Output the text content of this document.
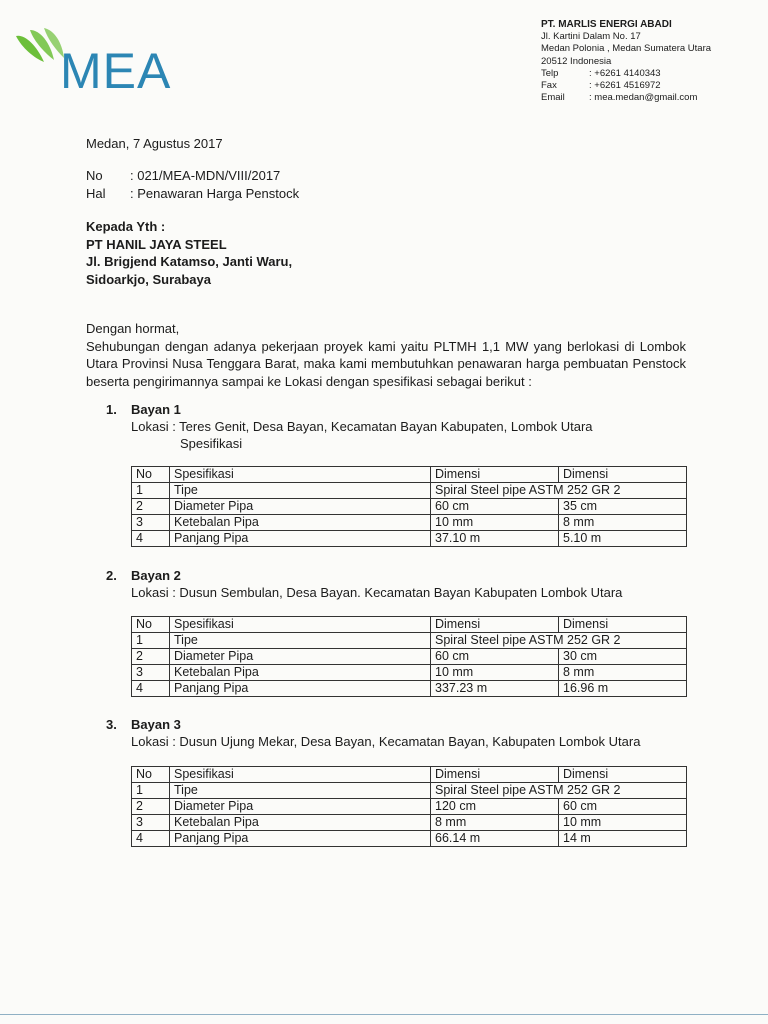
MEA
PT. MARLIS ENERGI ABADI
Jl. Kartini Dalam No. 17
Medan Polonia , Medan Sumatera Utara
20512 Indonesia
Telp	: +6261 4140343
Fax	: +6261 4516972
Email	: mea.medan@gmail.com
Medan, 7 Agustus 2017
No	: 021/MEA-MDN/VIII/2017
Hal	: Penawaran Harga Penstock
Kepada Yth :
PT HANIL JAYA STEEL
Jl. Brigjend Katamso, Janti Waru,
Sidoarkjo, Surabaya

Dengan hormat,

Sehubungan dengan adanya pekerjaan proyek kami yaitu PLTMH 1,1 MW yang berlokasi di Lombok Utara Provinsi Nusa Tenggara Barat, maka kami membutuhkan penawaran harga pembuatan Penstock beserta pengirimannya sampai ke Lokasi dengan spesifikasi sebagai berikut :

1. Bayan 1
Lokasi : Teres Genit, Desa Bayan, Kecamatan Bayan Kabupaten, Lombok Utara
Spesifikasi
No	Spesifikasi	Dimensi	Dimensi
1	Tipe	Spiral Steel pipe ASTM 252 GR 2	
2	Diameter Pipa	60 cm	35 cm
3	Ketebalan Pipa	10 mm	8 mm
4	Panjang Pipa	37.10 m	5.10 m
2. Bayan 2
Lokasi : Dusun Sembulan, Desa Bayan. Kecamatan Bayan Kabupaten Lombok Utara
No	Spesifikasi	Dimensi	Dimensi
1	Tipe	Spiral Steel pipe ASTM 252 GR 2	
2	Diameter Pipa	60 cm	30 cm
3	Ketebalan Pipa	10 mm	8 mm
4	Panjang Pipa	337.23 m	16.96 m
3. Bayan 3
Lokasi : Dusun Ujung Mekar, Desa Bayan, Kecamatan Bayan, Kabupaten Lombok Utara
No	Spesifikasi	Dimensi	Dimensi
1	Tipe	Spiral Steel pipe ASTM 252 GR 2	
2	Diameter Pipa	120 cm	60 cm
3	Ketebalan Pipa	8 mm	10 mm
4	Panjang Pipa	66.14 m	14 m
